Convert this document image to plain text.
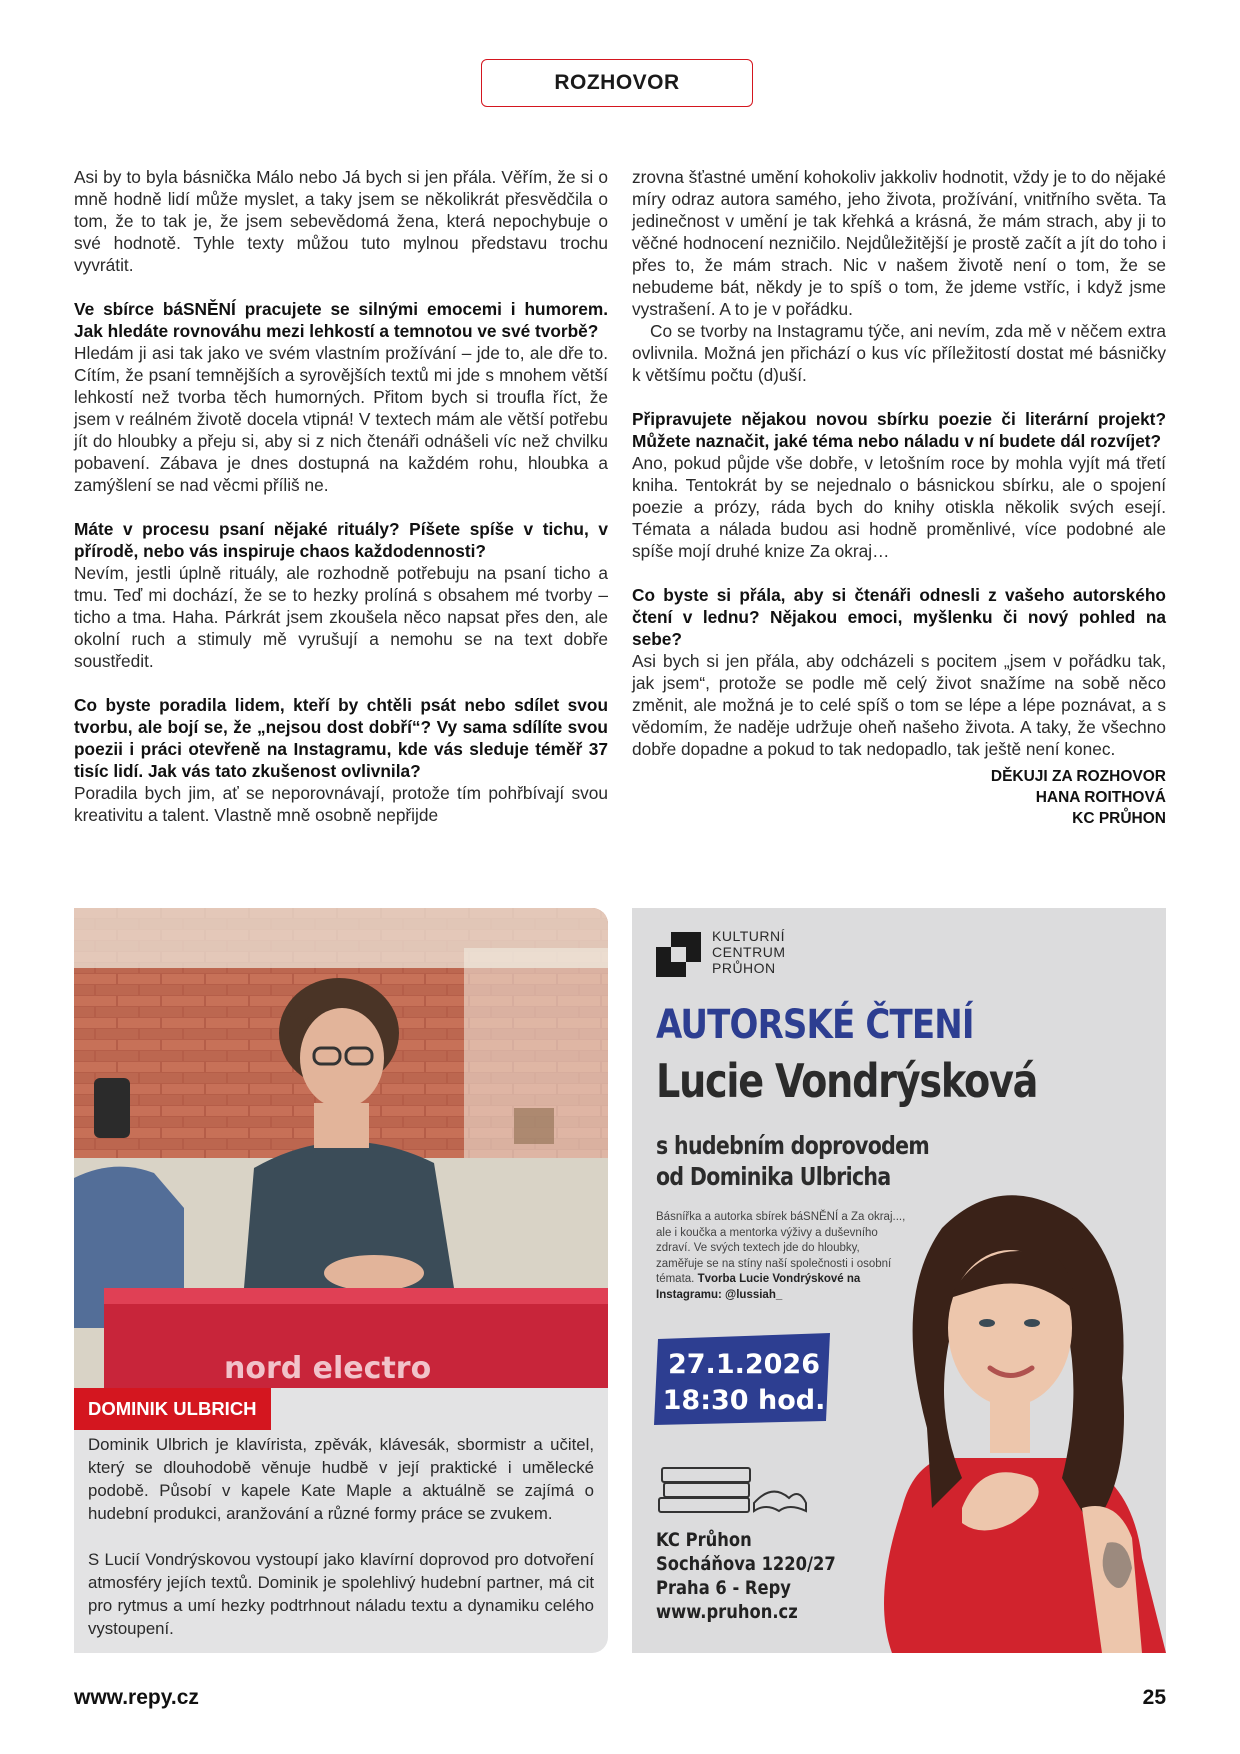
ROZHOVOR

Asi by to byla básnička Málo nebo Já bych si jen přála. Věřím, že si o mně hodně lidí může myslet, a taky jsem se několikrát přesvědčila o tom, že to tak je, že jsem sebevědomá žena, která nepochybuje o své hodnotě. Tyhle texty můžou tuto mylnou představu trochu vyvrátit.

Ve sbírce báSNĚNÍ pracujete se silnými emocemi i humorem. Jak hledáte rovnováhu mezi lehkostí a temnotou ve své tvorbě?

Hledám ji asi tak jako ve svém vlastním prožívání – jde to, ale dře to. Cítím, že psaní temnějších a syrovějších textů mi jde s mnohem větší lehkostí než tvorba těch humorných. Přitom bych si troufla říct, že jsem v reálném životě docela vtipná! V textech mám ale větší potřebu jít do hloubky a přeju si, aby si z nich čtenáři odnášeli víc než chvilku pobavení. Zábava je dnes dostupná na každém rohu, hloubka a zamýšlení se nad věcmi příliš ne.

Máte v procesu psaní nějaké rituály? Píšete spíše v tichu, v přírodě, nebo vás inspiruje chaos každodennosti?

Nevím, jestli úplně rituály, ale rozhodně potřebuju na psaní ticho a tmu. Teď mi dochází, že se to hezky prolíná s obsahem mé tvorby – ticho a tma. Haha. Párkrát jsem zkoušela něco napsat přes den, ale okolní ruch a stimuly mě vyrušují a nemohu se na text dobře soustředit.

Co byste poradila lidem, kteří by chtěli psát nebo sdílet svou tvorbu, ale bojí se, že „nejsou dost dobří“? Vy sama sdílíte svou poezii i práci otevřeně na Instagramu, kde vás sleduje téměř 37 tisíc lidí. Jak vás tato zkušenost ovlivnila?

Poradila bych jim, ať se neporovnávají, protože tím pohřbívají svou kreativitu a talent. Vlastně mně osobně nepřijde

zrovna šťastné umění kohokoliv jakkoliv hodnotit, vždy je to do nějaké míry odraz autora samého, jeho života, prožívání, vnitřního světa. Ta jedinečnost v umění je tak křehká a krásná, že mám strach, aby ji to věčné hodnocení nezničilo. Nejdůležitější je prostě začít a jít do toho i přes to, že mám strach. Nic v našem životě není o tom, že se nebudeme bát, někdy je to spíš o tom, že jdeme vstříc, i když jsme vystrašení. A to je v pořádku.

Co se tvorby na Instagramu týče, ani nevím, zda mě v něčem extra ovlivnila. Možná jen přichází o kus víc příležitostí dostat mé básničky k většímu počtu (d)uší.

Připravujete nějakou novou sbírku poezie či literární projekt? Můžete naznačit, jaké téma nebo náladu v ní budete dál rozvíjet?

Ano, pokud půjde vše dobře, v letošním roce by mohla vyjít má třetí kniha. Tentokrát by se nejednalo o básnickou sbírku, ale o spojení poezie a prózy, ráda bych do knihy otiskla několik svých esejí. Témata a nálada budou asi hodně proměnlivé, více podobné ale spíše mojí druhé knize Za okraj…

Co byste si přála, aby si čtenáři odnesli z vašeho autorského čtení v lednu? Nějakou emoci, myšlenku či nový pohled na sebe?

Asi bych si jen přála, aby odcházeli s pocitem „jsem v pořádku tak, jak jsem“, protože se podle mě celý život snažíme na sobě něco změnit, ale možná je to celé spíš o tom se lépe a lépe poznávat, a s vědomím, že naděje udržuje oheň našeho života. A taky, že všechno dobře dopadne a pokud to tak nedopadlo, tak ještě není konec.

DĚKUJI ZA ROZHOVOR
HANA ROITHOVÁ
KC PRŮHON

nord electro
DOMINIK ULBRICH

Dominik Ulbrich je klavírista, zpěvák, klávesák, sbormistr a učitel, který se dlouhodobě věnuje hudbě v její praktické i umělecké podobě. Působí v kapele Kate Maple a aktuálně se zajímá o hudební produkci, aranžování a různé formy práce se zvukem.

S Lucií Vondrýskovou vystoupí jako klavírní doprovod pro dotvoření atmosféry jejích textů. Dominik je spolehlivý hudební partner, má cit pro rytmus a umí hezky podtrhnout náladu textu a dynamiku celého vystoupení.

KULTURNÍ
CENTRUM
PRŮHON
AUTORSKÉ ČTENÍ
Lucie Vondrýsková
s hudebním doprovodem
od Dominika Ulbricha
Básnířka a autorka sbírek báSNĚNÍ a Za okraj..., ale i koučka a mentorka výživy a duševního zdraví. Ve svých textech jde do hloubky, zaměřuje se na stíny naší společnosti i osobní témata. Tvorba Lucie Vondrýskové na Instagramu: @lussiah_
27.1.2026
18:30 hod.
KC Průhon
Socháňova 1220/27
Praha 6 - Repy
www.pruhon.cz
www.repy.cz	25
